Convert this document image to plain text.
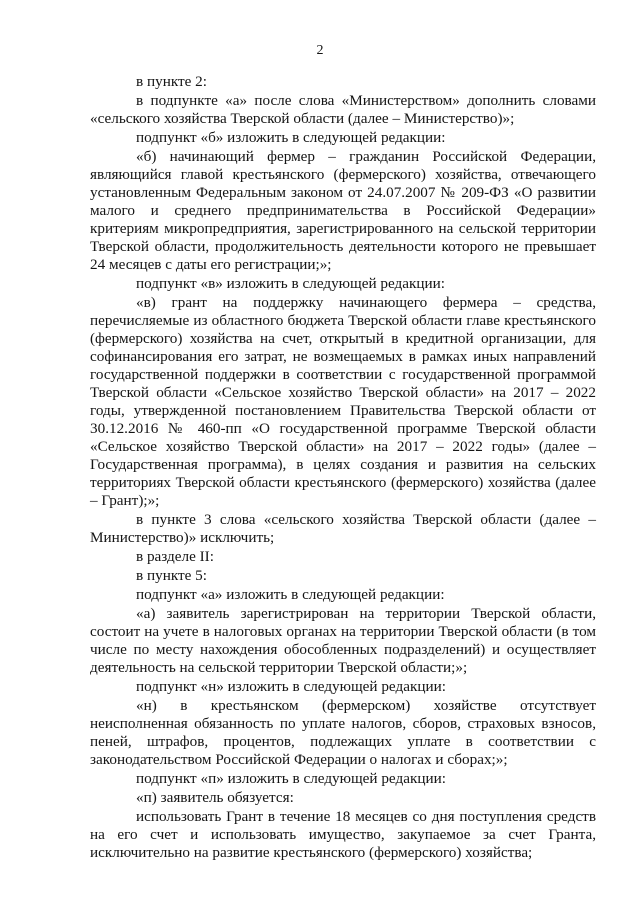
2

в пункте 2:

в подпункте «а» после слова «Министерством» дополнить словами «сельского хозяйства Тверской области (далее – Министерство)»;

подпункт «б» изложить в следующей редакции:

«б) начинающий фермер – гражданин Российской Федерации, являющийся главой крестьянского (фермерского) хозяйства, отвечающего установленным Федеральным законом от 24.07.2007 № 209-ФЗ «О развитии малого и среднего предпринимательства в Российской Федерации» критериям микропредприятия, зарегистрированного на сельской территории Тверской области, продолжительность деятельности которого не превышает 24 месяцев с даты его регистрации;»;

подпункт «в» изложить в следующей редакции:

«в) грант на поддержку начинающего фермера – средства, перечисляемые из областного бюджета Тверской области главе крестьянского (фермерского) хозяйства на счет, открытый в кредитной организации, для софинансирования его затрат, не возмещаемых в рамках иных направлений государственной поддержки в соответствии с государственной программой Тверской области «Сельское хозяйство Тверской области» на 2017 – 2022 годы, утвержденной постановлением Правительства Тверской области от 30.12.2016 № 460-пп «О государственной программе Тверской области «Сельское хозяйство Тверской области» на 2017 – 2022 годы» (далее – Государственная программа), в целях создания и развития на сельских территориях Тверской области крестьянского (фермерского) хозяйства (далее – Грант);»;

в пункте 3 слова «сельского хозяйства Тверской области (далее – Министерство)» исключить;

в разделе II:

в пункте 5:

подпункт «а» изложить в следующей редакции:

«а) заявитель зарегистрирован на территории Тверской области, состоит на учете в налоговых органах на территории Тверской области (в том числе по месту нахождения обособленных подразделений) и осуществляет деятельность на сельской территории Тверской области;»;

подпункт «н» изложить в следующей редакции:

«н) в крестьянском (фермерском) хозяйстве отсутствует неисполненная обязанность по уплате налогов, сборов, страховых взносов, пеней, штрафов, процентов, подлежащих уплате в соответствии с законодательством Российской Федерации о налогах и сборах;»;

подпункт «п» изложить в следующей редакции:

«п) заявитель обязуется:

использовать Грант в течение 18 месяцев со дня поступления средств на его счет и использовать имущество, закупаемое за счет Гранта, исключительно на развитие крестьянского (фермерского) хозяйства;
